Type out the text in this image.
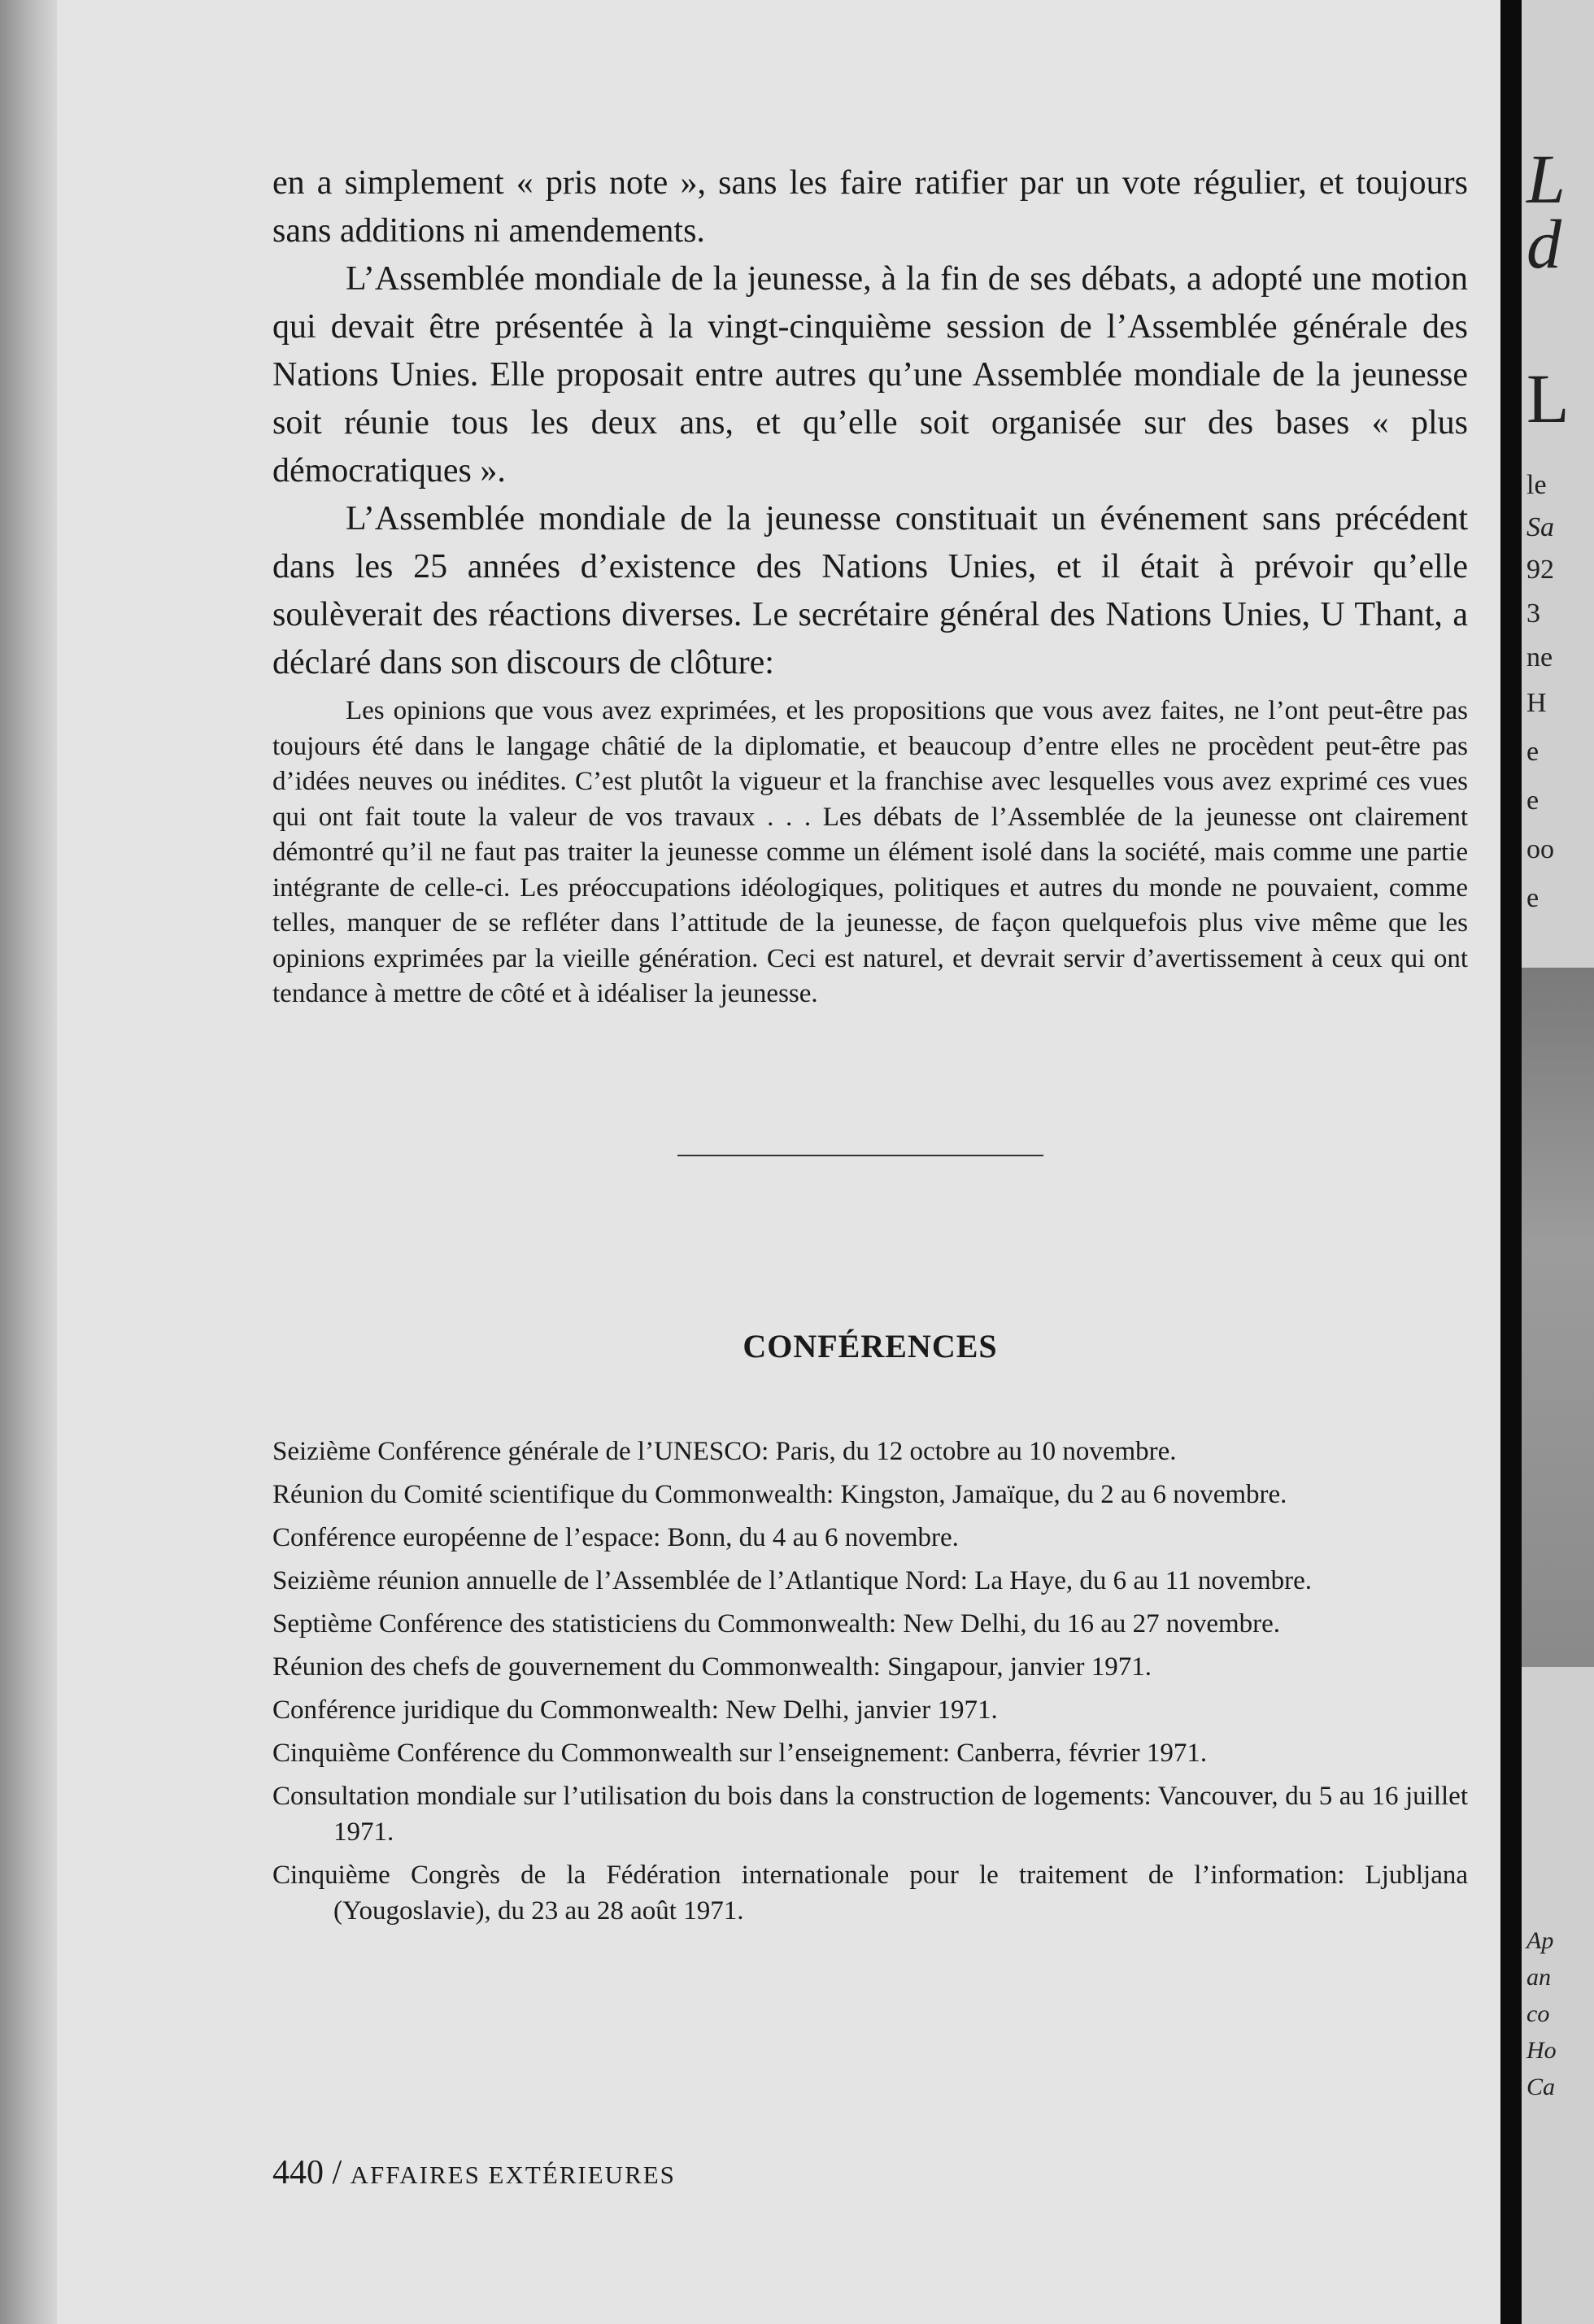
en a simplement « pris note », sans les faire ratifier par un vote régulier, et toujours sans additions ni amendements.

L’Assemblée mondiale de la jeunesse, à la fin de ses débats, a adopté une motion qui devait être présentée à la vingt-cinquième session de l’Assemblée générale des Nations Unies. Elle proposait entre autres qu’une Assemblée mondiale de la jeunesse soit réunie tous les deux ans, et qu’elle soit organisée sur des bases « plus démocratiques ».

L’Assemblée mondiale de la jeunesse constituait un événement sans précédent dans les 25 années d’existence des Nations Unies, et il était à prévoir qu’elle soulèverait des réactions diverses. Le secrétaire général des Nations Unies, U Thant, a déclaré dans son discours de clôture:

Les opinions que vous avez exprimées, et les propositions que vous avez faites, ne l’ont peut-être pas toujours été dans le langage châtié de la diplomatie, et beaucoup d’entre elles ne procèdent peut-être pas d’idées neuves ou inédites. C’est plutôt la vigueur et la franchise avec lesquelles vous avez exprimé ces vues qui ont fait toute la valeur de vos travaux . . . Les débats de l’Assemblée de la jeunesse ont clairement démontré qu’il ne faut pas traiter la jeunesse comme un élément isolé dans la société, mais comme une partie intégrante de celle-ci. Les préoccupations idéologiques, politiques et autres du monde ne pouvaient, comme telles, manquer de se refléter dans l’attitude de la jeunesse, de façon quelquefois plus vive même que les opinions exprimées par la vieille génération. Ceci est naturel, et devrait servir d’avertissement à ceux qui ont tendance à mettre de côté et à idéaliser la jeunesse.

CONFÉRENCES
Seizième Conférence générale de l’UNESCO: Paris, du 12 octobre au 10 novembre.
Réunion du Comité scientifique du Commonwealth: Kingston, Jamaïque, du 2 au 6 novembre.
Conférence européenne de l’espace: Bonn, du 4 au 6 novembre.
Seizième réunion annuelle de l’Assemblée de l’Atlantique Nord: La Haye, du 6 au 11 novembre.
Septième Conférence des statisticiens du Commonwealth: New Delhi, du 16 au 27 novembre.
Réunion des chefs de gouvernement du Commonwealth: Singapour, janvier 1971.
Conférence juridique du Commonwealth: New Delhi, janvier 1971.
Cinquième Conférence du Commonwealth sur l’enseignement: Canberra, février 1971.
Consultation mondiale sur l’utilisation du bois dans la construction de logements: Vancouver, du 5 au 16 juillet 1971.
Cinquième Congrès de la Fédération internationale pour le traitement de l’information: Ljubljana (Yougoslavie), du 23 au 28 août 1971.
440 / AFFAIRES EXTÉRIEURES
L
d
L
le
Sa
92
3
ne
H
e
e
oo
e
Ap
an
co
Ho
Ca
